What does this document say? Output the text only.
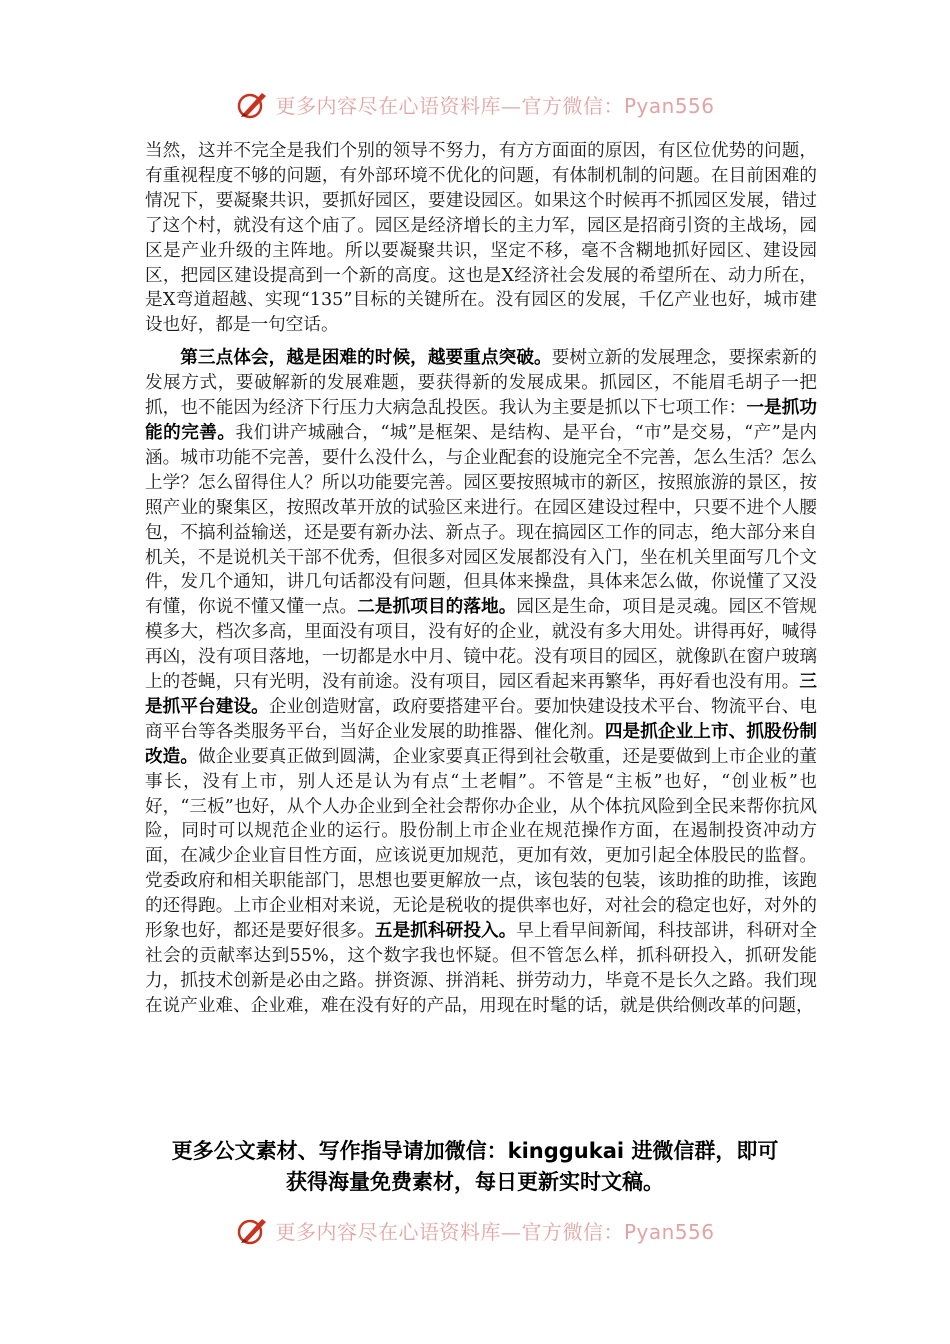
更多内容尽在心语资料库—官方微信：Pyan556

当然，这并不完全是我们个别的领导不努力，有方方面面的原因，有区位优势的问题，有重视程度不够的问题，有外部环境不优化的问题，有体制机制的问题。在目前困难的情况下，要凝聚共识，要抓好园区，要建设园区。如果这个时候再不抓园区发展，错过了这个村，就没有这个庙了。园区是经济增长的主力军，园区是招商引资的主战场，园区是产业升级的主阵地。所以要凝聚共识，坚定不移，毫不含糊地抓好园区、建设园区，把园区建设提高到一个新的高度。这也是X经济社会发展的希望所在、动力所在，是X弯道超越、实现“135”目标的关键所在。没有园区的发展，千亿产业也好，城市建设也好，都是一句空话。

第三点体会，越是困难的时候，越要重点突破。要树立新的发展理念，要探索新的发展方式，要破解新的发展难题，要获得新的发展成果。抓园区，不能眉毛胡子一把抓，也不能因为经济下行压力大病急乱投医。我认为主要是抓以下七项工作：一是抓功能的完善。我们讲产城融合，“城”是框架、是结构、是平台，“市”是交易，“产”是内涵。城市功能不完善，要什么没什么，与企业配套的设施完全不完善，怎么生活？怎么上学？怎么留得住人？所以功能要完善。园区要按照城市的新区，按照旅游的景区，按照产业的聚集区，按照改革开放的试验区来进行。在园区建设过程中，只要不进个人腰包，不搞利益输送，还是要有新办法、新点子。现在搞园区工作的同志，绝大部分来自机关，不是说机关干部不优秀，但很多对园区发展都没有入门，坐在机关里面写几个文件，发几个通知，讲几句话都没有问题，但具体来操盘，具体来怎么做，你说懂了又没有懂，你说不懂又懂一点。二是抓项目的落地。园区是生命，项目是灵魂。园区不管规模多大，档次多高，里面没有项目，没有好的企业，就没有多大用处。讲得再好，喊得再凶，没有项目落地，一切都是水中月、镜中花。没有项目的园区，就像趴在窗户玻璃上的苍蝇，只有光明，没有前途。没有项目，园区看起来再繁华，再好看也没有用。三是抓平台建设。企业创造财富，政府要搭建平台。要加快建设技术平台、物流平台、电商平台等各类服务平台，当好企业发展的助推器、催化剂。四是抓企业上市、抓股份制改造。做企业要真正做到圆满，企业家要真正得到社会敬重，还是要做到上市企业的董事长，没有上市，别人还是认为有点“土老帽”。不管是“主板”也好，“创业板”也好，“三板”也好，从个人办企业到全社会帮你办企业，从个体抗风险到全民来帮你抗风险，同时可以规范企业的运行。股份制上市企业在规范操作方面，在遏制投资冲动方面，在减少企业盲目性方面，应该说更加规范，更加有效，更加引起全体股民的监督。党委政府和相关职能部门，思想也要更解放一点，该包装的包装，该助推的助推，该跑的还得跑。上市企业相对来说，无论是税收的提供率也好，对社会的稳定也好，对外的形象也好，都还是要好很多。五是抓科研投入。早上看早间新闻，科技部讲，科研对全社会的贡献率达到55%，这个数字我也怀疑。但不管怎么样，抓科研投入，抓研发能力，抓技术创新是必由之路。拼资源、拼消耗、拼劳动力，毕竟不是长久之路。我们现在说产业难、企业难，难在没有好的产品，用现在时髦的话，就是供给侧改革的问题，

更多公文素材、写作指导请加微信：kinggukai 进微信群，即可
获得海量免费素材，每日更新实时文稿。
更多内容尽在心语资料库—官方微信：Pyan556
